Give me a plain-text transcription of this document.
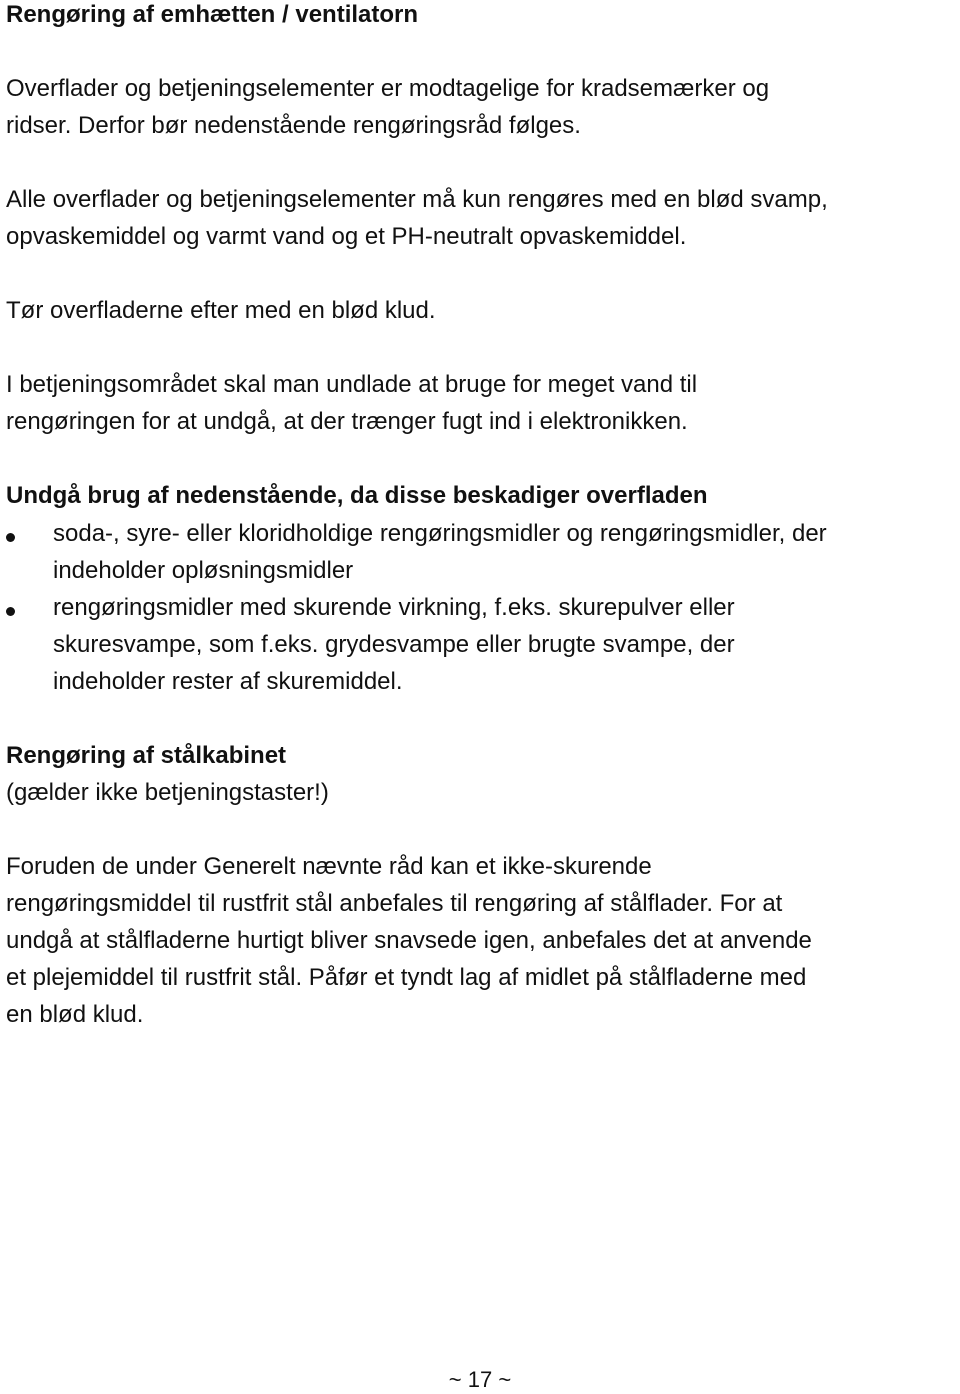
Rengøring af emhætten / ventilatorn
Overflader og betjeningselementer er modtagelige for kradsemærker og
ridser. Derfor bør nedenstående rengøringsråd følges.
Alle overflader og betjeningselementer må kun rengøres med en blød svamp,
opvaskemiddel og varmt vand og et PH-neutralt opvaskemiddel.
Tør overfladerne efter med en blød klud.
I betjeningsområdet skal man undlade at bruge for meget vand til
rengøringen for at undgå, at der trænger fugt ind i elektronikken.
Undgå brug af nedenstående, da disse beskadiger overfladen
soda-, syre- eller kloridholdige rengøringsmidler og rengøringsmidler, der
indeholder opløsningsmidler
rengøringsmidler med skurende virkning, f.eks. skurepulver eller
skuresvampe, som f.eks. grydesvampe eller brugte svampe, der
indeholder rester af skuremiddel.
Rengøring af stålkabinet
(gælder ikke betjeningstaster!)
Foruden de under Generelt nævnte råd kan et ikke-skurende
rengøringsmiddel til rustfrit stål anbefales til rengøring af stålflader. For at
undgå at stålfladerne hurtigt bliver snavsede igen, anbefales det at anvende
et plejemiddel til rustfrit stål. Påfør et tyndt lag af midlet på stålfladerne med
en blød klud.
~ 17 ~
